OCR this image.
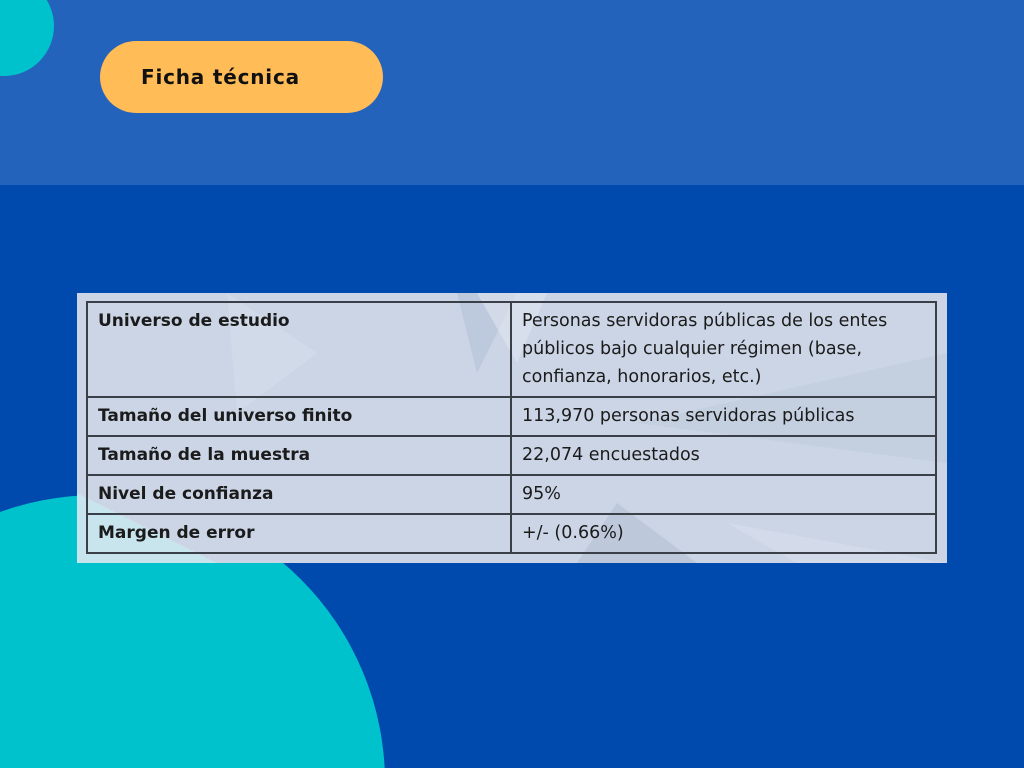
Ficha técnica
Universo de estudio	Personas servidoras públicas de los entes públicos bajo cualquier régimen (base, confianza, honorarios, etc.)
Tamaño del universo finito	113,970 personas servidoras públicas
Tamaño de la muestra	22,074 encuestados
Nivel de confianza	95%
Margen de error	+/- (0.66%)
